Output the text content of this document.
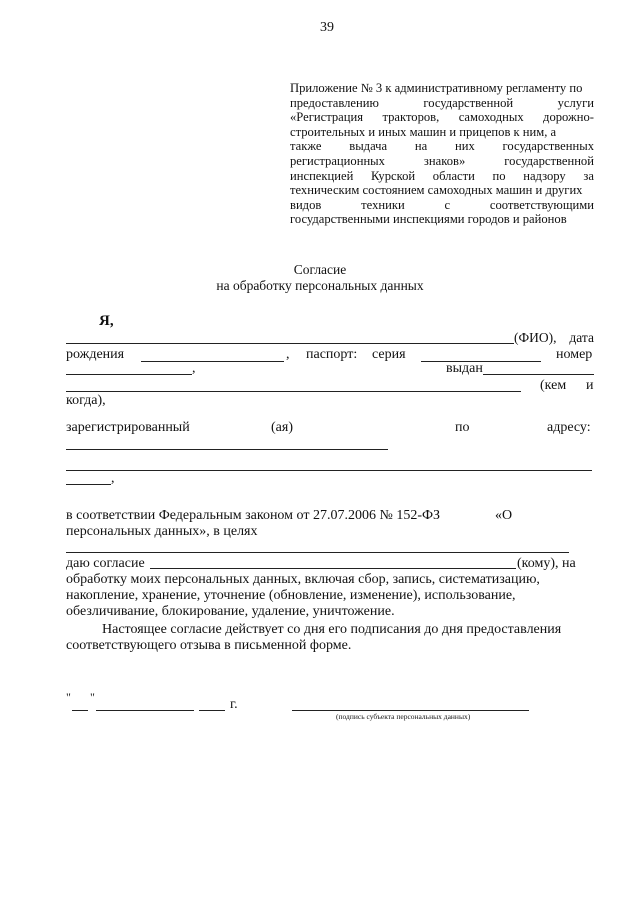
39
Приложение № 3 к административному регламенту по
предоставлению	государственной	услуги
«Регистрация тракторов, самоходных дорожно-
строительных и иных машин и прицепов к ним, а
также выдача на них государственных
регистрационных	знаков»	государственной
инспекцией Курской области по надзору за
техническим состоянием самоходных машин и других
видов	техники	с	соответствующими
государственными инспекциями городов и районов
Согласие
на обработку персональных данных
Я,
(ФИО), дата
рождения	, паспорт: серия	номер
,	выдан
(кем и
когда),
зарегистрированный	(ая)	по	адресу:
,
в соответствии Федеральным законом от 27.07.2006 № 152-ФЗ	«О
персональных данных», в целях
даю согласие	(кому), на
обработку моих персональных данных, включая сбор, запись, систематизацию,
накопление, хранение, уточнение (обновление, изменение), использование,
обезличивание, блокирование, удаление, уничтожение.
Настоящее согласие действует со дня его подписания до дня предоставления
соответствующего отзыва в письменной форме.
" "	г.
(подпись субъекта персональных данных)
